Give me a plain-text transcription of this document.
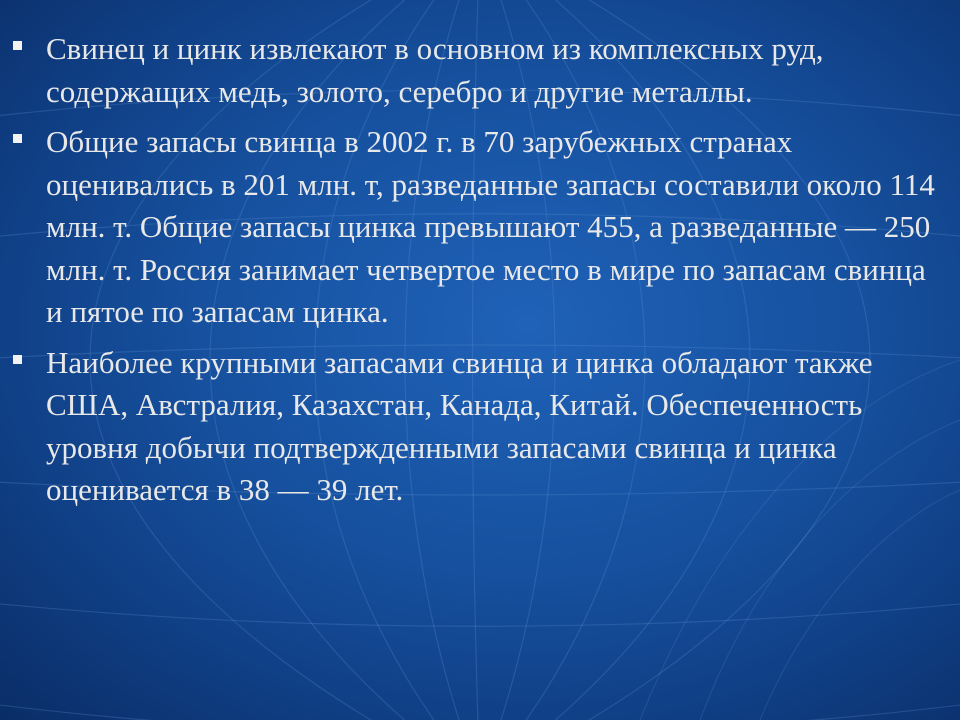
Свинец и цинк извлекают в основном из комплексных руд, содержащих медь, золото, серебро и другие металлы.
Общие запасы свинца в 2002 г. в 70 зарубежных странах оценивались в 201 млн. т, разведанные запасы составили около 114 млн. т. Общие запасы цинка превышают 455, а разведанные — 250 млн. т. Россия занимает четвертое место в мире по запасам свинца и пятое по запасам цинка.
Наиболее крупными запасами свинца и цинка обладают также США, Австралия, Казахстан, Канада, Китай. Обеспеченность уровня добычи подтвержденными запасами свинца и цинка оценивается в 38 — 39 лет.
